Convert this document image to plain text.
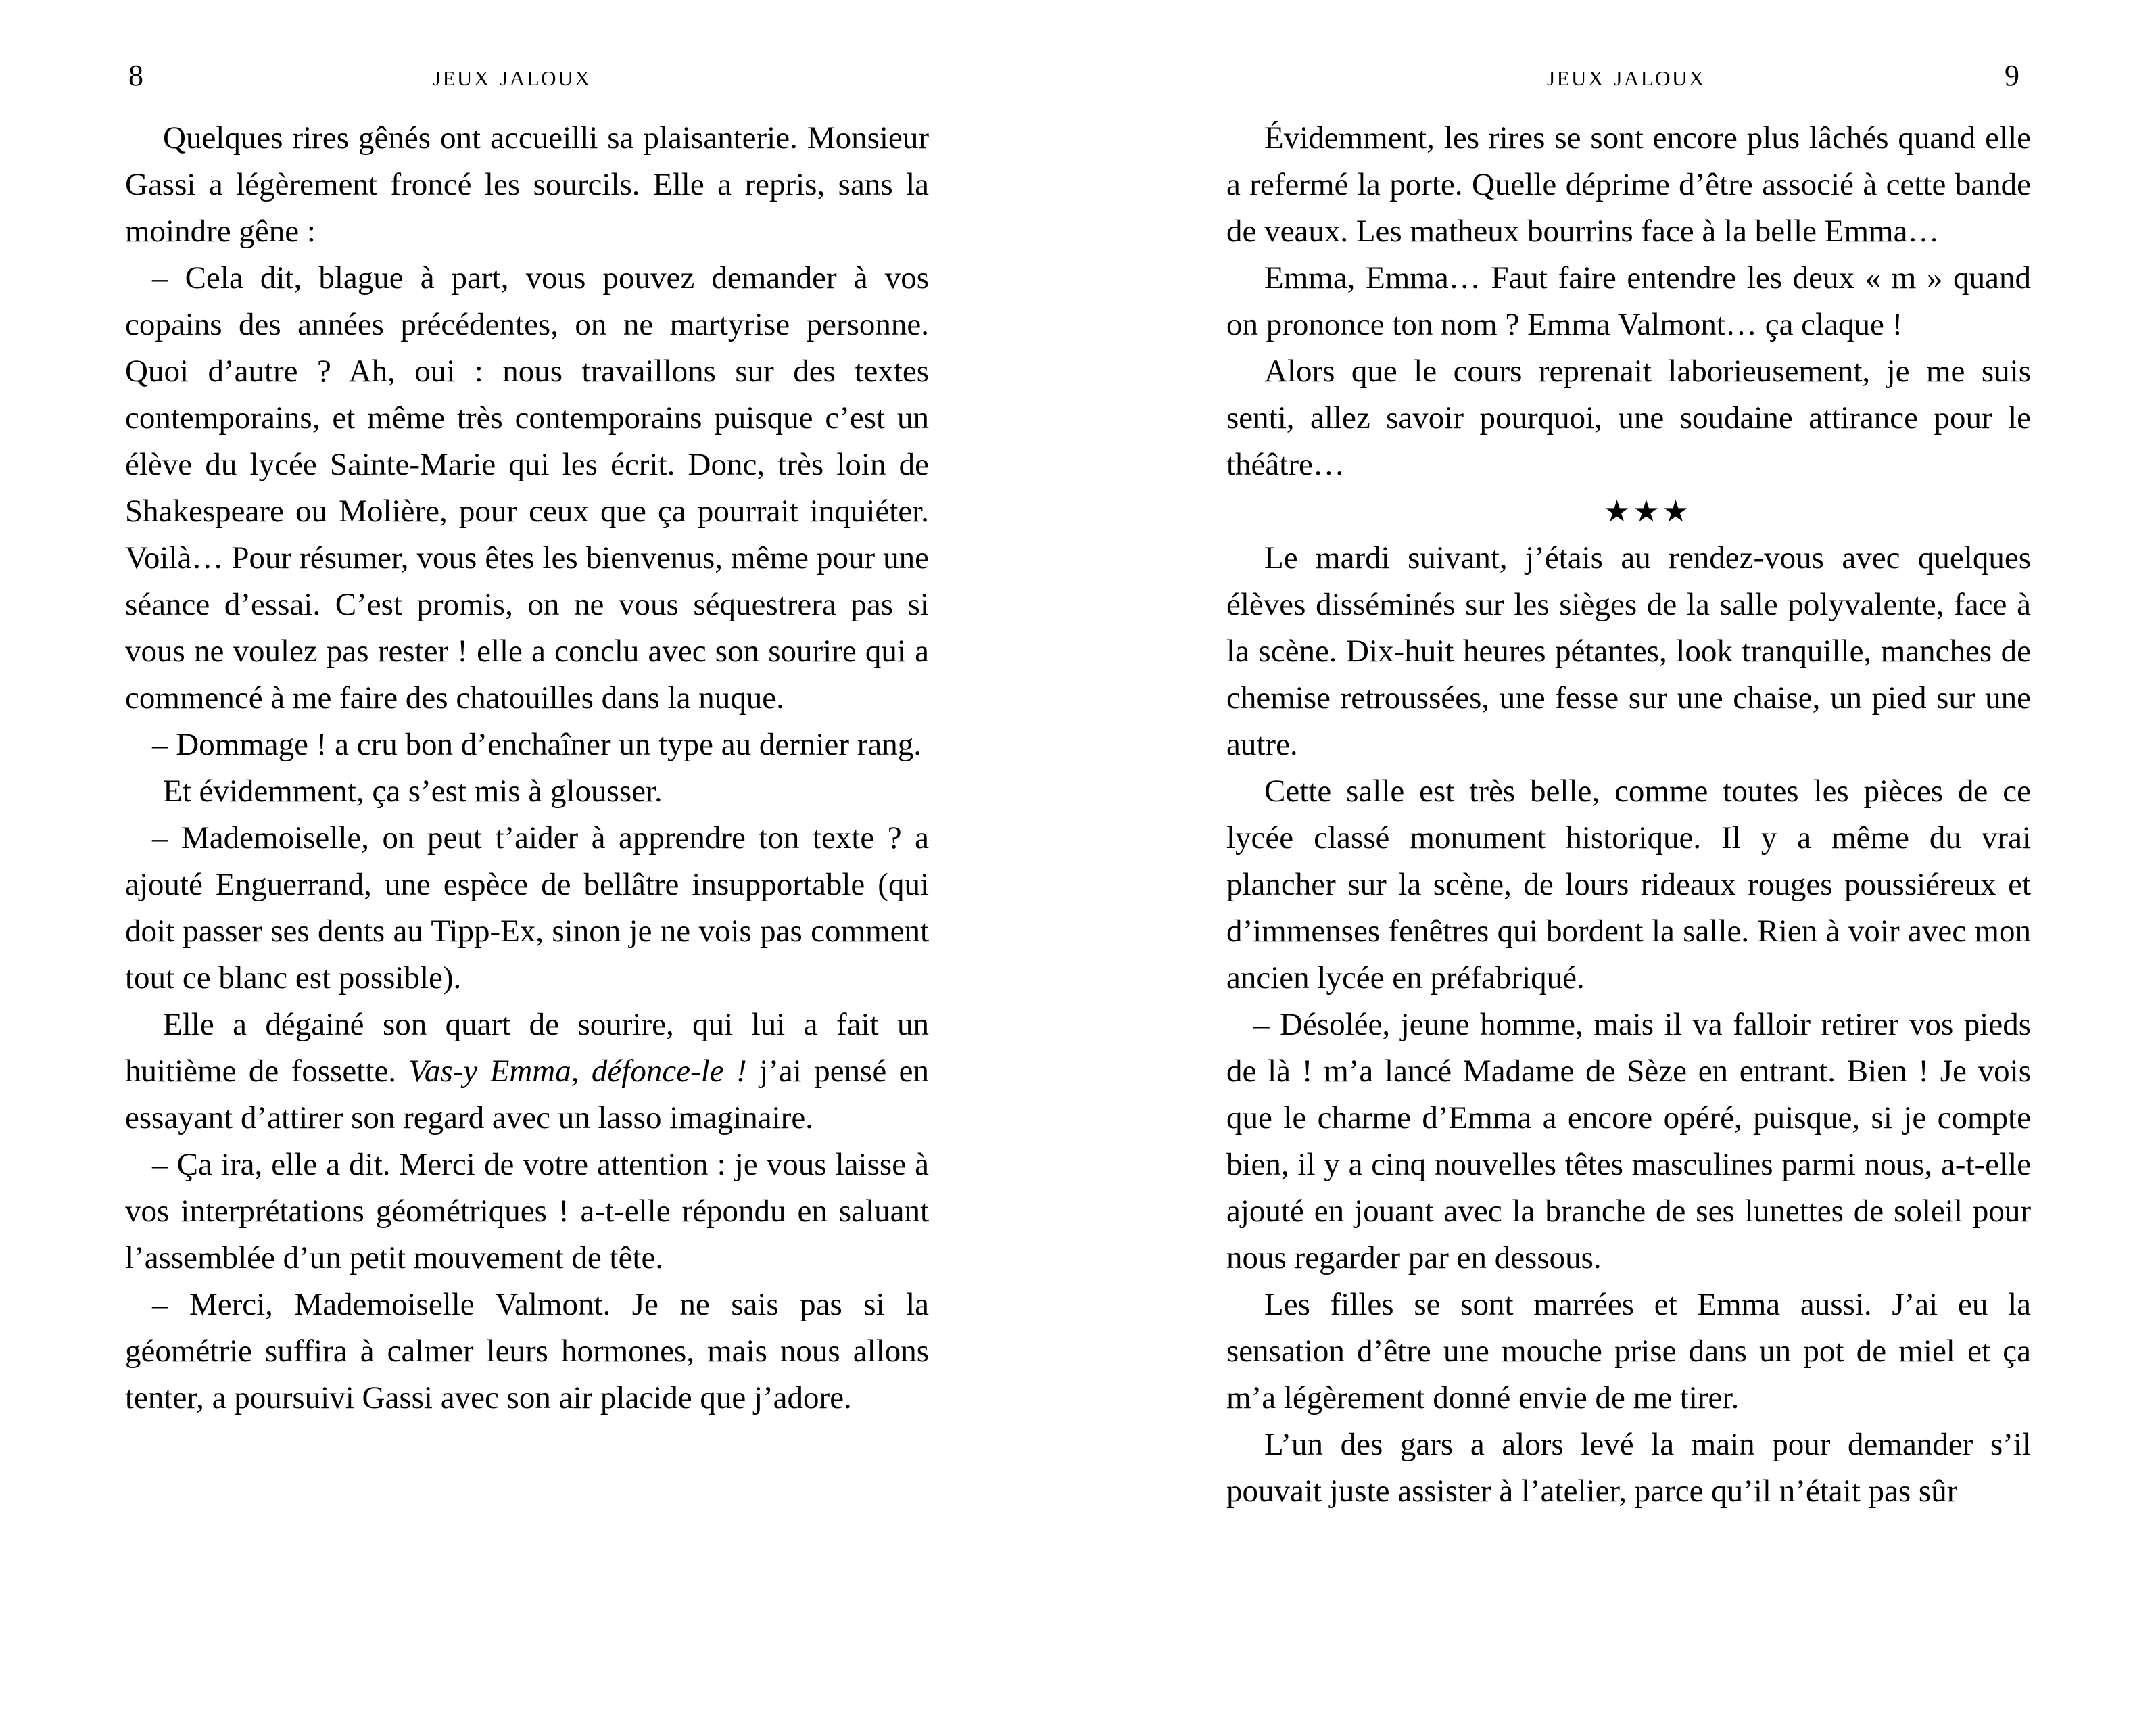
8	jeux jaloux	jeux jaloux	9

Quelques rires gênés ont accueilli sa plaisanterie. Monsieur Gassi a légèrement froncé les sourcils. Elle a repris, sans la moindre gêne :

– Cela dit, blague à part, vous pouvez demander à vos copains des années précédentes, on ne martyrise personne. Quoi d’autre ? Ah, oui : nous travaillons sur des textes contemporains, et même très contemporains puisque c’est un élève du lycée Sainte-Marie qui les écrit. Donc, très loin de Shakespeare ou Molière, pour ceux que ça pourrait inquiéter. Voilà… Pour résumer, vous êtes les bienvenus, même pour une séance d’essai. C’est promis, on ne vous séquestrera pas si vous ne voulez pas rester ! elle a conclu avec son sourire qui a commencé à me faire des chatouilles dans la nuque.

– Dommage ! a cru bon d’enchaîner un type au dernier rang.

Et évidemment, ça s’est mis à glousser.

– Mademoiselle, on peut t’aider à apprendre ton texte ? a ajouté Enguerrand, une espèce de bellâtre insupportable (qui doit passer ses dents au Tipp-Ex, sinon je ne vois pas comment tout ce blanc est possible).

Elle a dégainé son quart de sourire, qui lui a fait un huitième de fossette. Vas-y Emma, défonce-le ! j’ai pensé en essayant d’attirer son regard avec un lasso imaginaire.

– Ça ira, elle a dit. Merci de votre attention : je vous laisse à vos interprétations géométriques ! a-t-elle répondu en saluant l’assemblée d’un petit mouvement de tête.

– Merci, Mademoiselle Valmont. Je ne sais pas si la géométrie suffira à calmer leurs hormones, mais nous allons tenter, a poursuivi Gassi avec son air placide que j’adore.

Évidemment, les rires se sont encore plus lâchés quand elle a refermé la porte. Quelle déprime d’être associé à cette bande de veaux. Les matheux bourrins face à la belle Emma…

Emma, Emma… Faut faire entendre les deux « m » quand on prononce ton nom ? Emma Valmont… ça claque !

Alors que le cours reprenait laborieusement, je me suis senti, allez savoir pourquoi, une soudaine attirance pour le théâtre…

★★★

Le mardi suivant, j’étais au rendez-vous avec quelques élèves disséminés sur les sièges de la salle polyvalente, face à la scène. Dix-huit heures pétantes, look tranquille, manches de chemise retroussées, une fesse sur une chaise, un pied sur une autre.

Cette salle est très belle, comme toutes les pièces de ce lycée classé monument historique. Il y a même du vrai plancher sur la scène, de lours rideaux rouges poussiéreux et d’immenses fenêtres qui bordent la salle. Rien à voir avec mon ancien lycée en préfabriqué.

– Désolée, jeune homme, mais il va falloir retirer vos pieds de là ! m’a lancé Madame de Sèze en entrant. Bien ! Je vois que le charme d’Emma a encore opéré, puisque, si je compte bien, il y a cinq nouvelles têtes masculines parmi nous, a-t-elle ajouté en jouant avec la branche de ses lunettes de soleil pour nous regarder par en dessous.

Les filles se sont marrées et Emma aussi. J’ai eu la sensation d’être une mouche prise dans un pot de miel et ça m’a légèrement donné envie de me tirer.

L’un des gars a alors levé la main pour demander s’il pouvait juste assister à l’atelier, parce qu’il n’était pas sûr
